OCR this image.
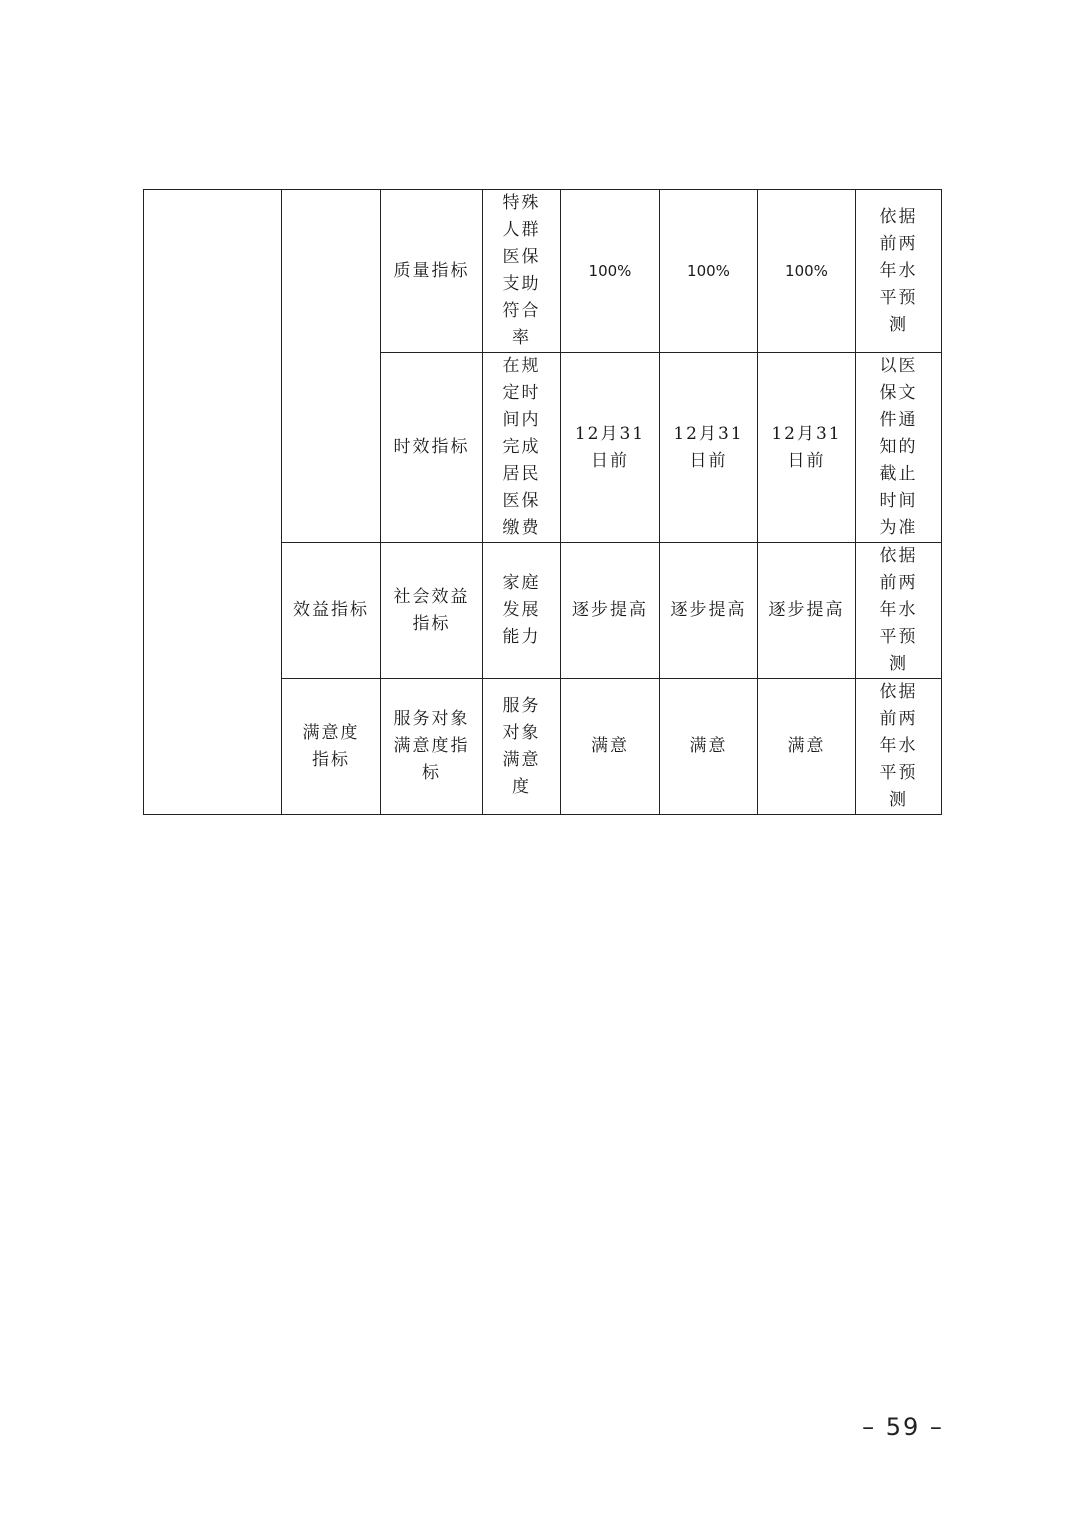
		质量指标	特殊人群医保支助符合率	100%	100%	100%	依据前两年水平预测

		时效指标	在规定时间内完成居民医保缴费	12月31日前	12月31日前	12月31日前	以医保文件通知的截止时间为准

	效益指标	社会效益指标	家庭发展能力	逐步提高	逐步提高	逐步提高	依据前两年水平预测

	满意度指标	服务对象满意度指标	服务对象满意度	满意	满意	满意	依据前两年水平预测
– 59 –
